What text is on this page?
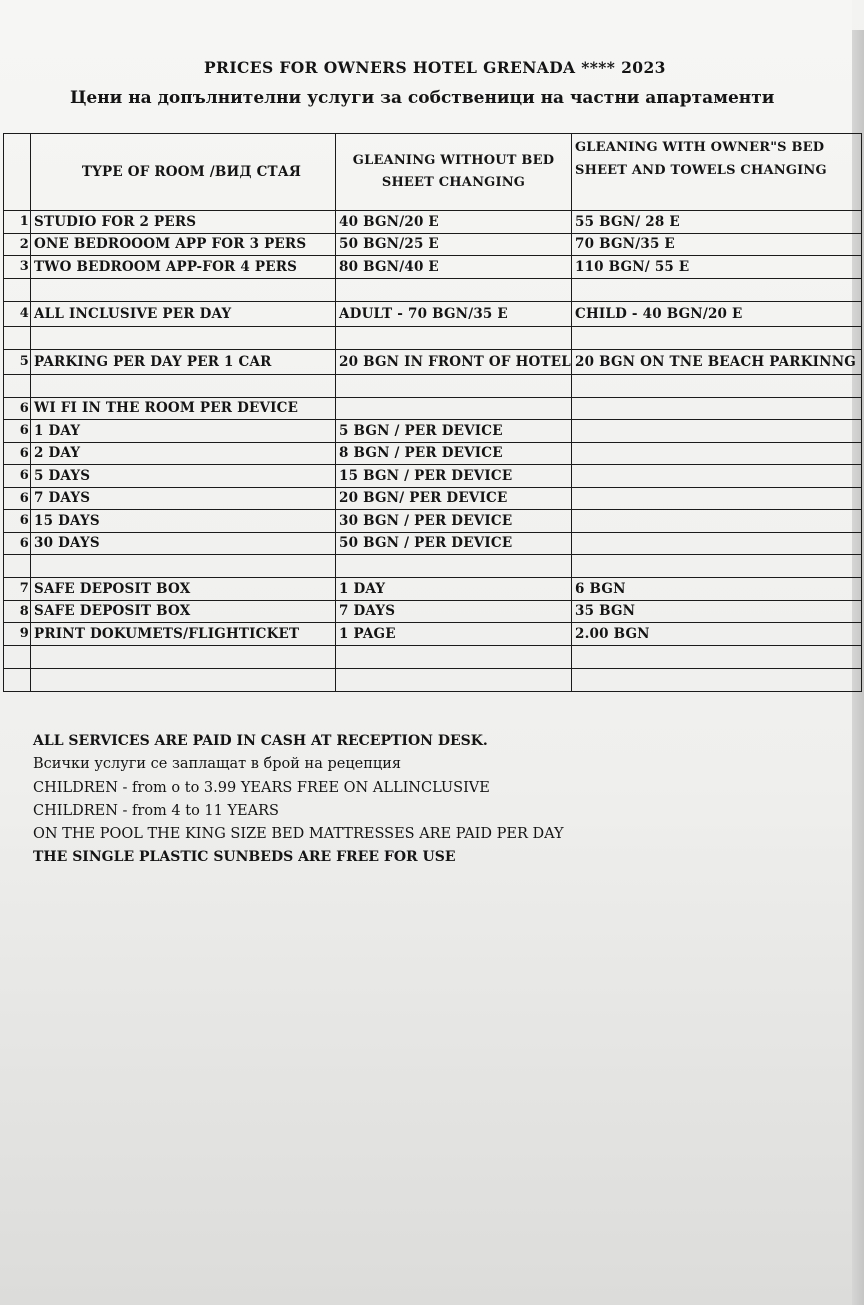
PRICES FOR OWNERS HOTEL GRENADA **** 2023
Цени на допълнителни услуги за собственици на частни апартаменти
	TYPE OF ROOM /ВИД СТАЯ	GLEANING WITHOUT BED SHEET CHANGING	GLEANING WITH OWNER"S BED SHEET AND TOWELS CHANGING
1	STUDIO FOR 2 PERS	40 BGN/20 E	55 BGN/ 28 E
2	ONE BEDROOOM APP FOR 3 PERS	50 BGN/25 E	70 BGN/35 E
3	TWO BEDROOM APP-FOR 4 PERS	80 BGN/40 E	110 BGN/ 55 E

4	ALL INCLUSIVE PER DAY	ADULT - 70 BGN/35 E	CHILD - 40 BGN/20 E

5	PARKING PER DAY PER 1 CAR	20 BGN IN FRONT OF HOTEL	20 BGN ON TNE BEACH PARKINNG

6	WI FI IN THE ROOM PER DEVICE		
6	1 DAY	5 BGN / PER DEVICE	
6	2 DAY	8 BGN / PER DEVICE	
6	5 DAYS	15 BGN / PER DEVICE	
6	7 DAYS	20 BGN/ PER DEVICE	
6	15 DAYS	30 BGN / PER DEVICE	
6	30 DAYS	50 BGN / PER DEVICE	

7	SAFE DEPOSIT BOX	1 DAY	6 BGN
8	SAFE DEPOSIT BOX	7 DAYS	35 BGN
9	PRINT DOKUMETS/FLIGHTICKET	1 PAGE	2.00 BGN

ALL SERVICES ARE PAID IN CASH AT RECEPTION DESK.
Всички услуги се заплащат в брой на рецепция
CHILDREN - from o to 3.99 YEARS FREE ON ALLINCLUSIVE
CHILDREN - from 4 to 11 YEARS
ON THE POOL THE KING SIZE BED MATTRESSES ARE PAID PER DAY
THE SINGLE PLASTIC SUNBEDS ARE FREE FOR USE
